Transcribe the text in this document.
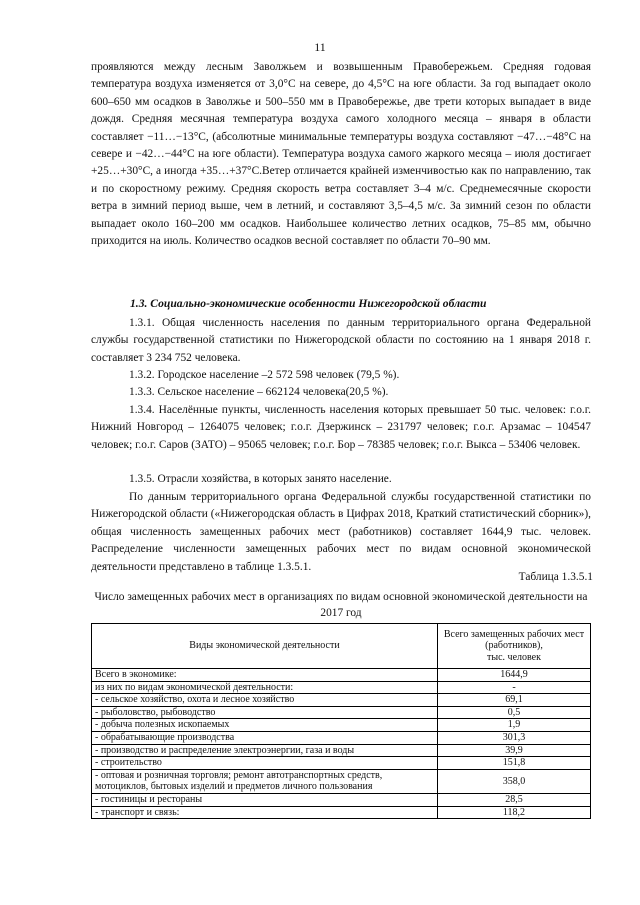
11

проявляются между лесным Заволжьем и возвышенным Правобережьем. Средняя годовая температура воздуха изменяется от 3,0°С на севере, до 4,5°С на юге области. За год выпадает около 600–650 мм осадков в Заволжье и 500–550 мм в Правобережье, две трети которых выпадает в виде дождя. Средняя месячная температура воздуха самого холодного месяца – января в области составляет −11…−13°С, (абсолютные минимальные температуры воздуха составляют −47…−48°С на севере и −42…−44°С на юге области). Температура воздуха самого жаркого месяца – июля достигает +25…+30°С, а иногда +35…+37°С.Ветер отличается крайней изменчивостью как по направлению, так и по скоростному режиму. Средняя скорость ветра составляет 3–4 м/с. Среднемесячные скорости ветра в зимний период выше, чем в летний, и составляют 3,5–4,5 м/с. За зимний сезон по области выпадает около 160–200 мм осадков. Наибольшее количество летних осадков, 75–85 мм, обычно приходится на июль. Количество осадков весной составляет по области 70–90 мм.

1.3. Социально-экономические особенности Нижегородской области

1.3.1. Общая численность населения по данным территориального органа Федеральной службы государственной статистики по Нижегородской области по состоянию на 1 января 2018 г. составляет 3 234 752 человека.

1.3.2. Городское население –2 572 598 человек (79,5 %).

1.3.3. Сельское население – 662124 человека(20,5 %).

1.3.4. Населённые пункты, численность населения которых превышает 50 тыс. человек: г.о.г. Нижний Новгород – 1264075 человек; г.о.г. Дзержинск – 231797 человек; г.о.г. Арзамас – 104547 человек; г.о.г. Саров (ЗАТО) – 95065 человек; г.о.г. Бор – 78385 человек; г.о.г. Выкса – 53406 человек.

1.3.5. Отрасли хозяйства, в которых занято население.

По данным территориального органа Федеральной службы государственной статистики по Нижегородской области («Нижегородская область в Цифрах 2018, Краткий статистический сборник»), общая численность замещенных рабочих мест (работников) составляет 1644,9 тыс. человек. Распределение численности замещенных рабочих мест по видам основной экономической деятельности представлено в таблице 1.3.5.1.

Таблица 1.3.5.1
Число замещенных рабочих мест в организациях по видам основной экономической деятельности на 2017 год
Виды экономической деятельности	Всего замещенных рабочих мест (работников),
тыс. человек
Всего в экономике:	1644,9
из них по видам экономической деятельности:	-
- сельское хозяйство, охота и лесное хозяйство	69,1
- рыболовство, рыбоводство	0,5
- добыча полезных ископаемых	1,9
- обрабатывающие производства	301,3
- производство и распределение электроэнергии, газа и воды	39,9
- строительство	151,8
- оптовая и розничная торговля; ремонт автотранспортных средств, мотоциклов, бытовых изделий и предметов личного пользования	358,0
- гостиницы и рестораны	28,5
- транспорт и связь:	118,2
